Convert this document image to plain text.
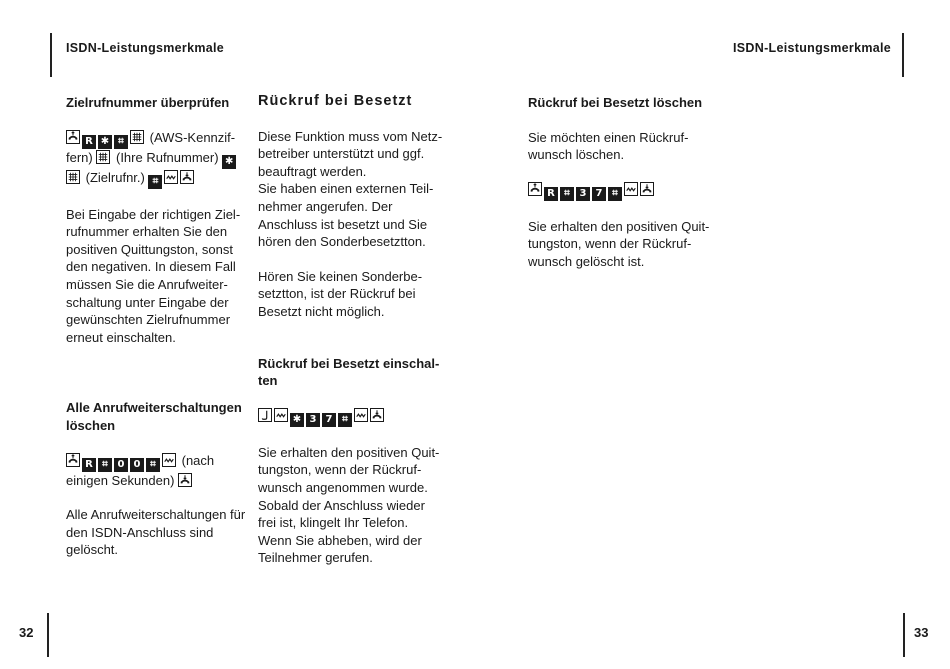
ISDN-Leistungsmerkmale	ISDN-Leistungsmerkmale
32	33

Zielrufnummer überprüfen

R ✱ ⌗ (AWS-Kennzif-
fern) (Ihre Rufnummer) ✱

(Zielrufnr.) ⌗

Bei Eingabe der richtigen Ziel-
rufnummer erhalten Sie den
positiven Quittungston, sonst
den negativen. In diesem Fall
müssen Sie die Anrufweiter-
schaltung unter Eingabe der
gewünschten Zielrufnummer
erneut einschalten.

Alle Anrufweiterschaltungen
löschen

R ⌗ 0 0 ⌗ (nach
einigen Sekunden)

Alle Anrufweiterschaltungen für
den ISDN-Anschluss sind
gelöscht.

Rückruf bei Besetzt

Diese Funktion muss vom Netz-
betreiber unterstützt und ggf.
beauftragt werden.
Sie haben einen externen Teil-
nehmer angerufen. Der
Anschluss ist besetzt und Sie
hören den Sonderbesetztton.

Hören Sie keinen Sonderbe-
setztton, ist der Rückruf bei
Besetzt nicht möglich.

Rückruf bei Besetzt einschal-
ten

✱ 3 7 ⌗

Sie erhalten den positiven Quit-
tungston, wenn der Rückruf-
wunsch angenommen wurde.
Sobald der Anschluss wieder
frei ist, klingelt Ihr Telefon.
Wenn Sie abheben, wird der
Teilnehmer gerufen.

Rückruf bei Besetzt löschen

Sie möchten einen Rückruf-
wunsch löschen.

R ⌗ 3 7 ⌗

Sie erhalten den positiven Quit-
tungston, wenn der Rückruf-
wunsch gelöscht ist.
